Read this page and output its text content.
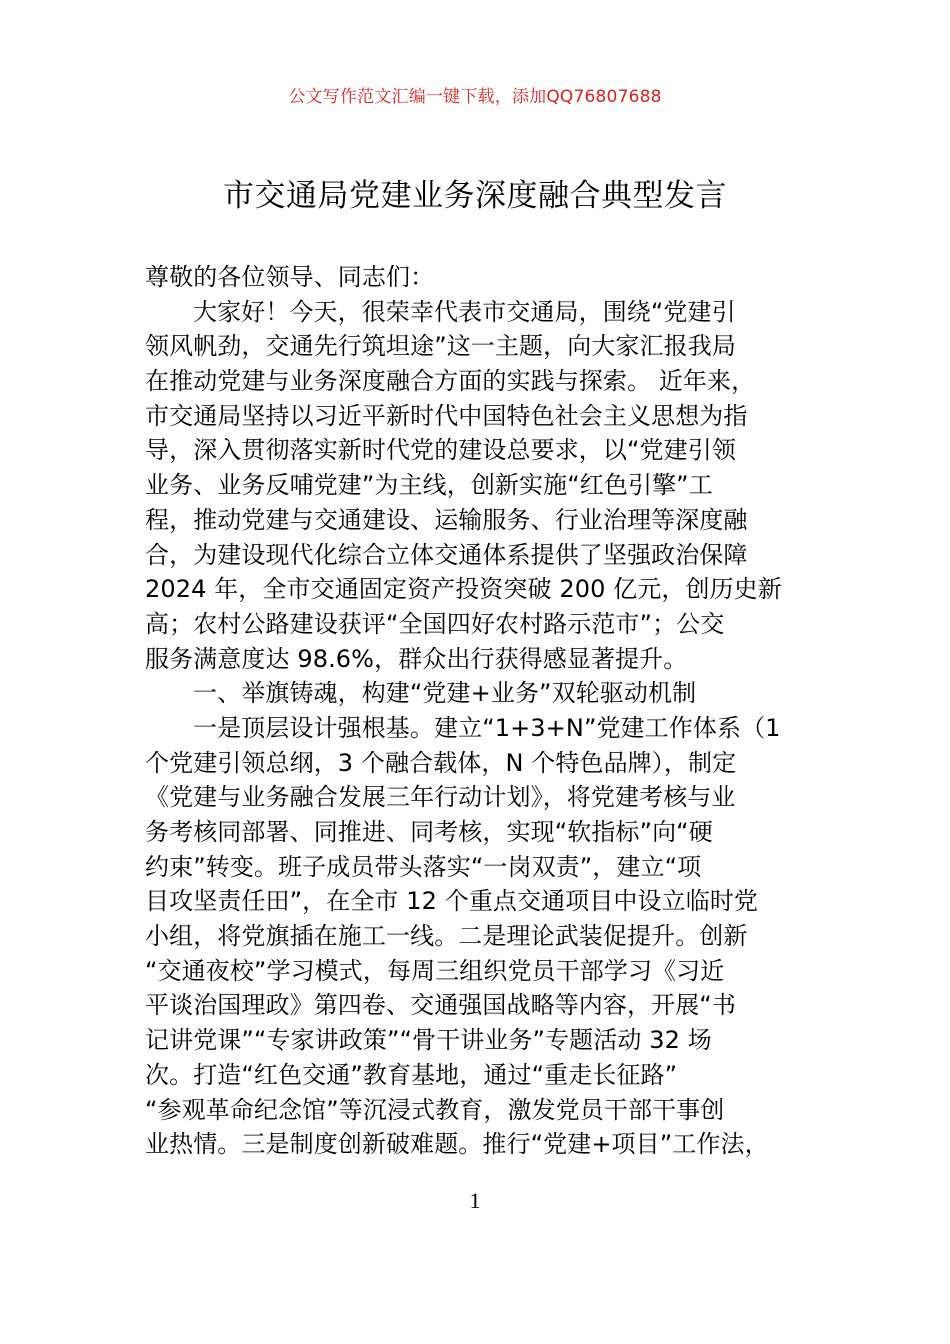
公文写作范文汇编一键下载，添加QQ76807688
市交通局党建业务深度融合典型发言
尊敬的各位领导、同志们：
大家好！今天，很荣幸代表市交通局，围绕“党建引
领风帆劲，交通先行筑坦途”这一主题，向大家汇报我局
在推动党建与业务深度融合方面的实践与探索。 近年来，
市交通局坚持以习近平新时代中国特色社会主义思想为指
导，深入贯彻落实新时代党的建设总要求，以“党建引领
业务、业务反哺党建”为主线，创新实施“红色引擎”工
程，推动党建与交通建设、运输服务、行业治理等深度融
合，为建设现代化综合立体交通体系提供了坚强政治保障
2024 年，全市交通固定资产投资突破 200 亿元，创历史新
高；农村公路建设获评“全国四好农村路示范市”；公交
服务满意度达 98.6%，群众出行获得感显著提升。
一、举旗铸魂，构建“党建+业务”双轮驱动机制
一是顶层设计强根基。建立“1+3+N”党建工作体系（1
个党建引领总纲，3 个融合载体，N 个特色品牌），制定
《党建与业务融合发展三年行动计划》，将党建考核与业
务考核同部署、同推进、同考核，实现“软指标”向“硬
约束”转变。班子成员带头落实“一岗双责”，建立“项
目攻坚责任田”，在全市 12 个重点交通项目中设立临时党
小组，将党旗插在施工一线。二是理论武装促提升。创新
“交通夜校”学习模式，每周三组织党员干部学习《习近
平谈治国理政》第四卷、交通强国战略等内容，开展“书
记讲党课”“专家讲政策”“骨干讲业务”专题活动 32 场
次。打造“红色交通”教育基地，通过“重走长征路”
“参观革命纪念馆”等沉浸式教育，激发党员干部干事创
业热情。三是制度创新破难题。推行“党建+项目”工作法，
1
